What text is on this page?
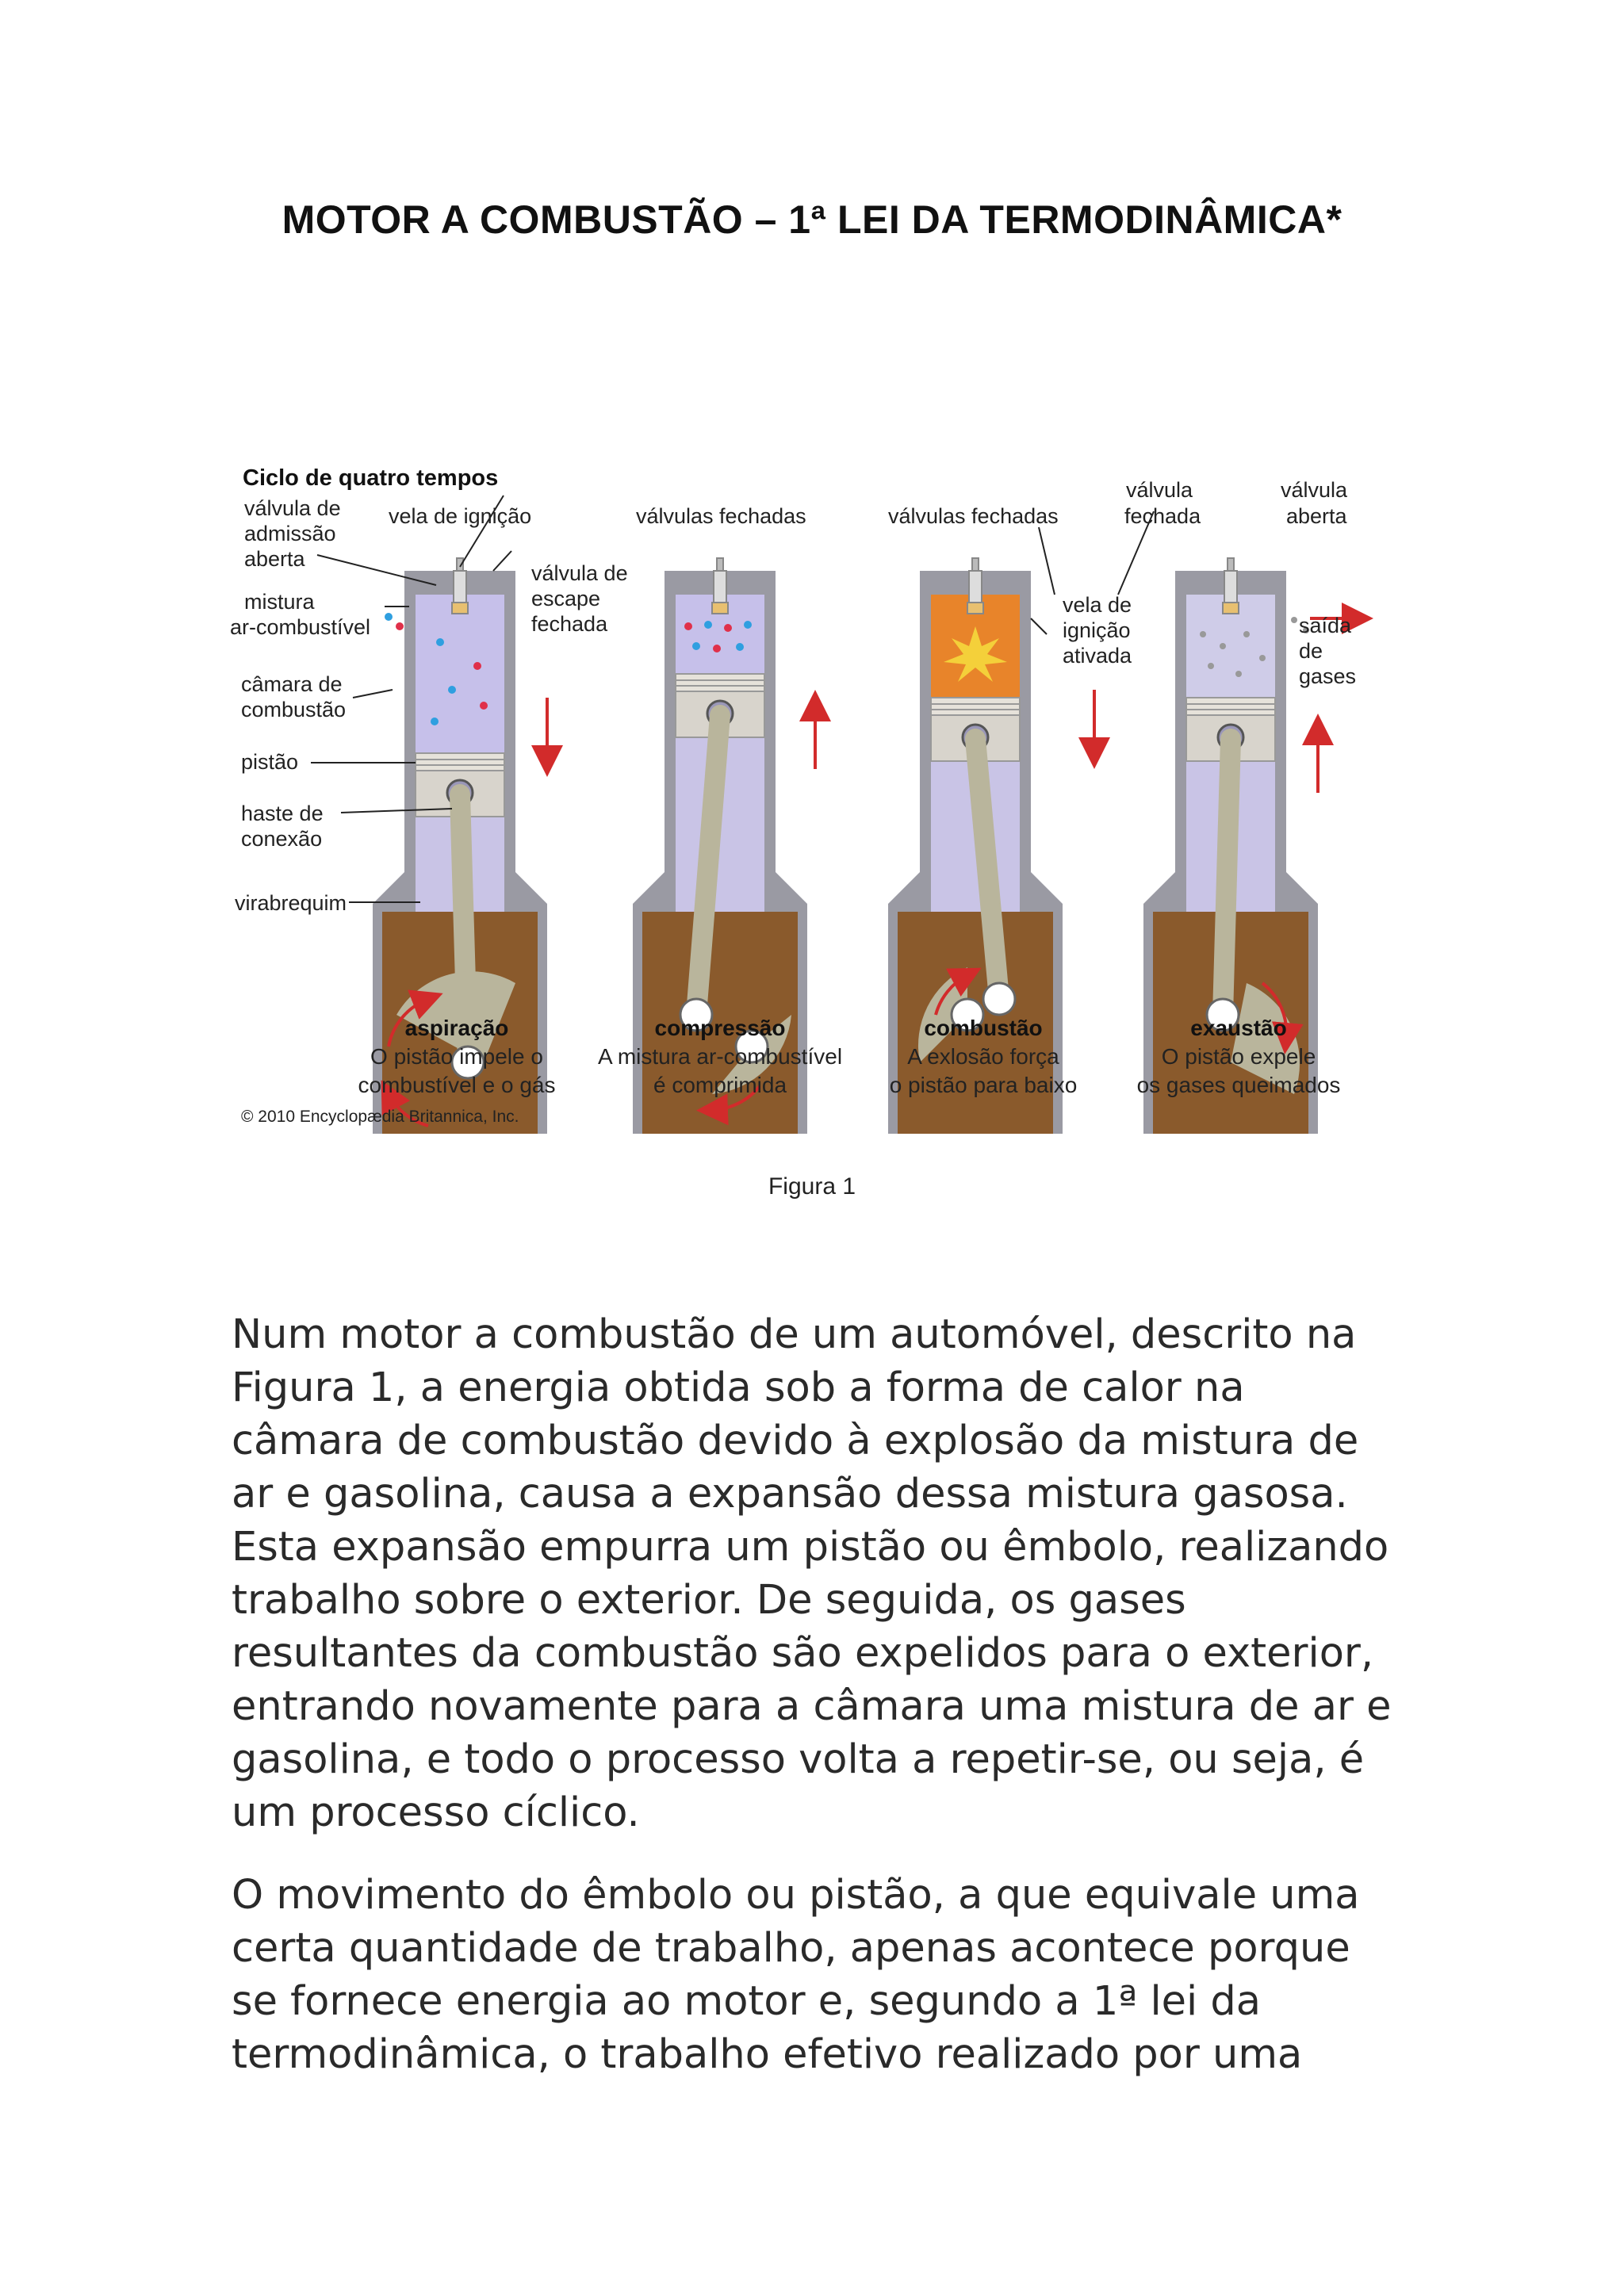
MOTOR A COMBUSTÃO – 1ª LEI DA TERMODINÂMICA*
Ciclo de quatro tempos
válvula de
admissão
aberta
vela de ignição
mistura
ar-combustível
válvula de
escape
fechada
câmara de
combustão
pistão
haste de
conexão
virabrequim
válvulas fechadas	válvulas fechadas
vela de
ignição
ativada
válvula
fechada
válvula
aberta
saída
de
gases
aspiração
O pistão impele o
combustível e o gás
compressão
A mistura ar-combustível
é comprimida
combustão
A exlosão força
o pistão para baixo
exaustão
O pistão expele
os gases queimados
© 2010 Encyclopædia Britannica, Inc.
Figura 1

Num motor a combustão de um automóvel, descrito na Figura 1, a energia obtida sob a forma de calor na câmara de combustão devido à explosão da mistura de ar e gasolina, causa a expansão dessa mistura gasosa. Esta expansão empurra um pistão ou êmbolo, realizando trabalho sobre o exterior. De seguida, os gases resultantes da combustão são expelidos para o exterior, entrando novamente para a câmara uma mistura de ar e gasolina, e todo o processo volta a repetir-se, ou seja, é um processo cíclico.

O movimento do êmbolo ou pistão, a que equivale uma certa quantidade de trabalho, apenas acontece porque se fornece energia ao motor e, segundo a 1ª lei da termodinâmica, o trabalho efetivo realizado por uma
